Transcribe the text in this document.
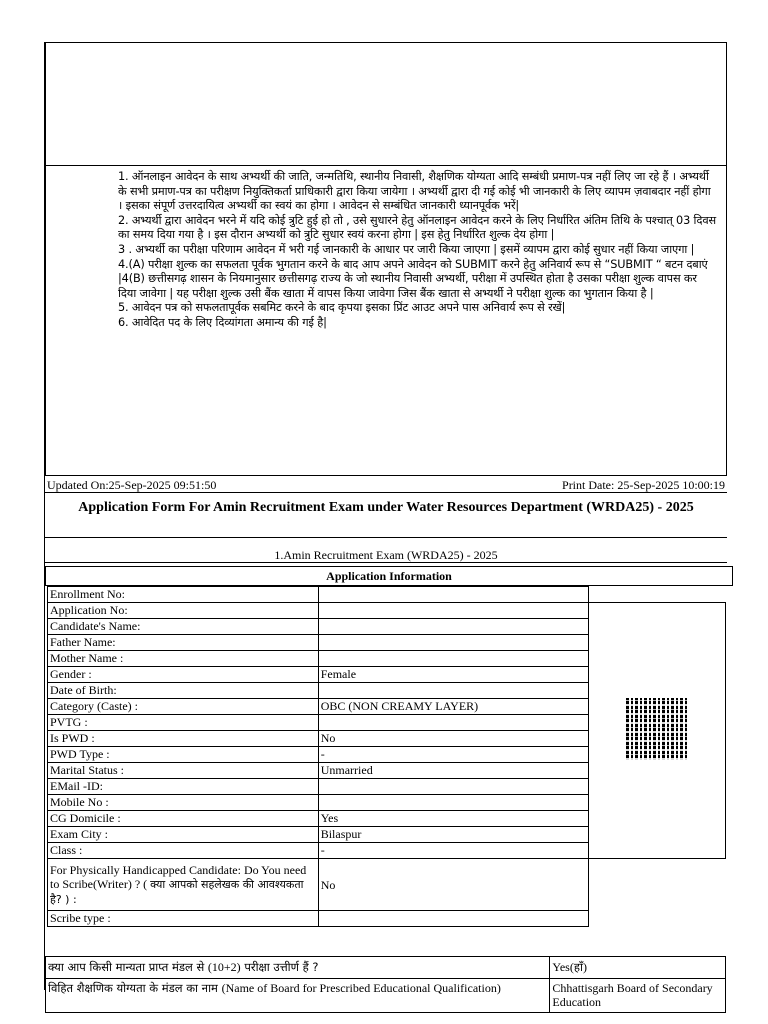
1. ऑनलाइन आवेदन के साथ अभ्यर्थी की जाति, जन्मतिथि, स्थानीय निवासी, शैक्षणिक योग्यता आदि सम्बंधी प्रमाण-पत्र नहीं लिए जा रहे हैं । अभ्यर्थी के सभी प्रमाण-पत्र का परीक्षण नियुक्तिकर्ता प्राधिकारी द्वारा किया जायेगा । अभ्यर्थी द्वारा दी गई कोई भी जानकारी के लिए व्यापम ज़वाबदार नहीं होगा । इसका संपूर्ण उत्तरदायित्व अभ्यर्थी का स्वयं का होगा । आवेदन से सम्बंधित जानकारी ध्यानपूर्वक भरें|

2. अभ्यर्थी द्वारा आवेदन भरने में यदि कोई त्रुटि हुई हो तो , उसे सुधारने हेतु ऑनलाइन आवेदन करने के लिए निर्धारित अंतिम तिथि के पश्चात् 03 दिवस का समय दिया गया है । इस दौरान अभ्यर्थी को त्रुटि सुधार स्वयं करना होगा | इस हेतु निर्धारित शुल्क देय होगा |

3 . अभ्यर्थी का परीक्षा परिणाम आवेदन में भरी गई जानकारी के आधार पर जारी किया जाएगा | इसमें व्यापम द्वारा कोई सुधार नहीं किया जाएगा |

4.(A) परीक्षा शुल्क का सफलता पूर्वक भुगतान करने के बाद आप अपने आवेदन को SUBMIT करने हेतु अनिवार्य रूप से “SUBMIT “ बटन दबाएं |4(B) छत्तीसगढ़ शासन के नियमानुसार छत्तीसगढ़ राज्य के जो स्थानीय निवासी अभ्यर्थी, परीक्षा में उपस्थित होता है उसका परीक्षा शुल्क वापस कर दिया जावेगा | यह परीक्षा शुल्क उसी बैंक खाता में वापस किया जावेगा जिस बैंक खाता से अभ्यर्थी ने परीक्षा शुल्क का भुगतान किया है |

5. आवेदन पत्र को सफलतापूर्वक सबमिट करने के बाद कृपया इसका प्रिंट आउट अपने पास अनिवार्य रूप से रखें|

6. आवेदित पद के लिए दिव्यांगता अमान्य की गई है|

Updated On:25-Sep-2025 09:51:50	Print Date: 25-Sep-2025 10:00:19
Application Form For Amin Recruitment Exam under Water Resources Department (WRDA25) - 2025
1.Amin Recruitment Exam (WRDA25) - 2025
Application Information
Enrollment No:		
Application No:		
Candidate's Name:		
Father Name:		
Mother Name :		
Gender :	Female	
Date of Birth:		
Category (Caste) :	OBC (NON CREAMY LAYER)	
PVTG :		
Is PWD :	No	
PWD Type :	-	
Marital Status :	Unmarried	
EMail -ID:		
Mobile No :		
CG Domicile :	Yes	
Exam City :	Bilaspur	
Class :	-	
For Physically Handicapped Candidate: Do You need to Scribe(Writer) ? ( क्या आपको सहलेखक की आवश्यकता है? ) :	No	
Scribe type :		
क्या आप किसी मान्यता प्राप्त मंडल से (10+2) परीक्षा उत्तीर्ण हैं ?	Yes(हाँ)
विहित शैक्षणिक योग्यता के मंडल का नाम (Name of Board for Prescribed Educational Qualification)	Chhattisgarh Board of Secondary Education
